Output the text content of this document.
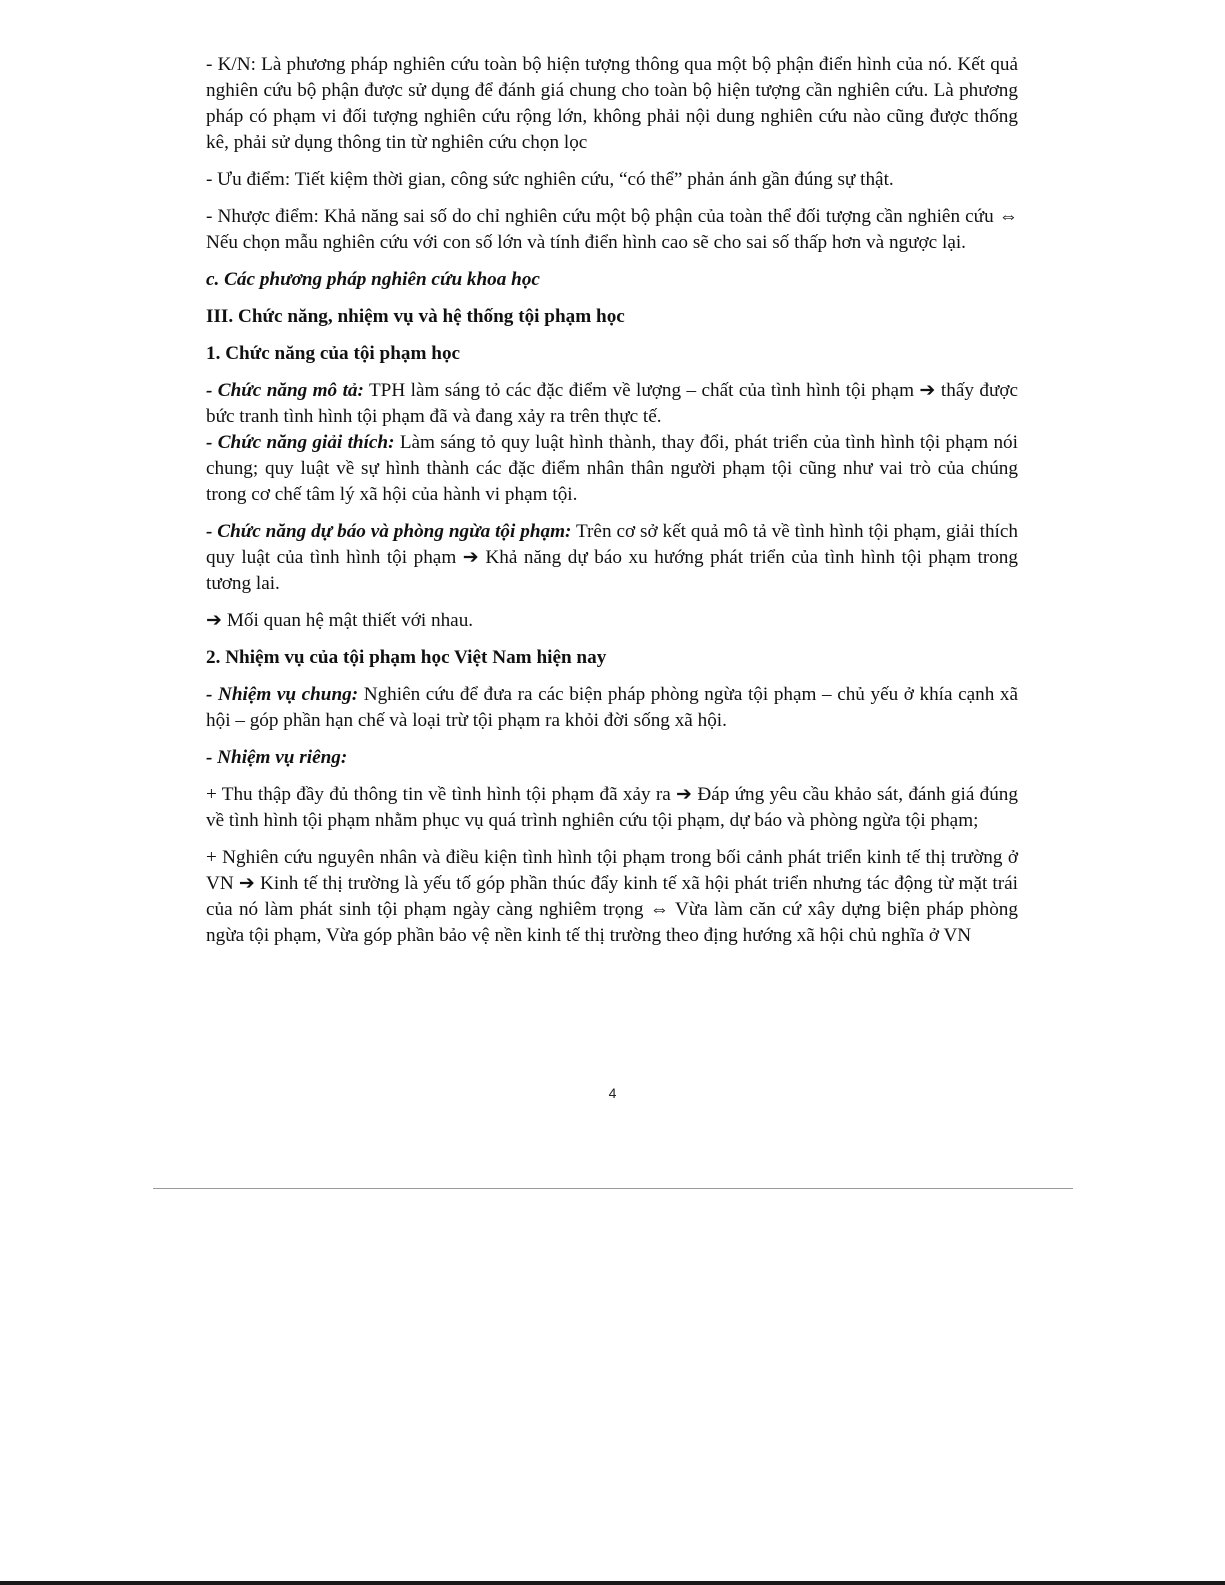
- K/N: Là phương pháp nghiên cứu toàn bộ hiện tượng thông qua một bộ phận điển hình của nó. Kết quả nghiên cứu bộ phận được sử dụng để đánh giá chung cho toàn bộ hiện tượng cần nghiên cứu. Là phương pháp có phạm vi đối tượng nghiên cứu rộng lớn, không phải nội dung nghiên cứu nào cũng được thống kê, phải sử dụng thông tin từ nghiên cứu chọn lọc

- Ưu điểm: Tiết kiệm thời gian, công sức nghiên cứu, “có thể” phản ánh gần đúng sự thật.

- Nhược điểm: Khả năng sai số do chỉ nghiên cứu một bộ phận của toàn thể đối tượng cần nghiên cứu ⇔ Nếu chọn mẫu nghiên cứu với con số lớn và tính điển hình cao sẽ cho sai số thấp hơn và ngược lại.

c. Các phương pháp nghiên cứu khoa học

III. Chức năng, nhiệm vụ và hệ thống tội phạm học

1. Chức năng của tội phạm học

- Chức năng mô tả: TPH làm sáng tỏ các đặc điểm về lượng – chất của tình hình tội phạm ➔ thấy được bức tranh tình hình tội phạm đã và đang xảy ra trên thực tế.

- Chức năng giải thích: Làm sáng tỏ quy luật hình thành, thay đổi, phát triển của tình hình tội phạm nói chung; quy luật về sự hình thành các đặc điểm nhân thân người phạm tội cũng như vai trò của chúng trong cơ chế tâm lý xã hội của hành vi phạm tội.

- Chức năng dự báo và phòng ngừa tội phạm: Trên cơ sở kết quả mô tả về tình hình tội phạm, giải thích quy luật của tình hình tội phạm ➔ Khả năng dự báo xu hướng phát triển của tình hình tội phạm trong tương lai.

➔ Mối quan hệ mật thiết với nhau.

2. Nhiệm vụ của tội phạm học Việt Nam hiện nay

- Nhiệm vụ chung: Nghiên cứu để đưa ra các biện pháp phòng ngừa tội phạm – chủ yếu ở khía cạnh xã hội – góp phần hạn chế và loại trừ tội phạm ra khỏi đời sống xã hội.

- Nhiệm vụ riêng:

+ Thu thập đầy đủ thông tin về tình hình tội phạm đã xảy ra ➔ Đáp ứng yêu cầu khảo sát, đánh giá đúng về tình hình tội phạm nhằm phục vụ quá trình nghiên cứu tội phạm, dự báo và phòng ngừa tội phạm;

+ Nghiên cứu nguyên nhân và điều kiện tình hình tội phạm trong bối cảnh phát triển kinh tế thị trường ở VN ➔ Kinh tế thị trường là yếu tố góp phần thúc đẩy kinh tế xã hội phát triển nhưng tác động từ mặt trái của nó làm phát sinh tội phạm ngày càng nghiêm trọng ⇔ Vừa làm căn cứ xây dựng biện pháp phòng ngừa tội phạm, Vừa góp phần bảo vệ nền kinh tế thị trường theo địng hướng xã hội chủ nghĩa ở VN

4
